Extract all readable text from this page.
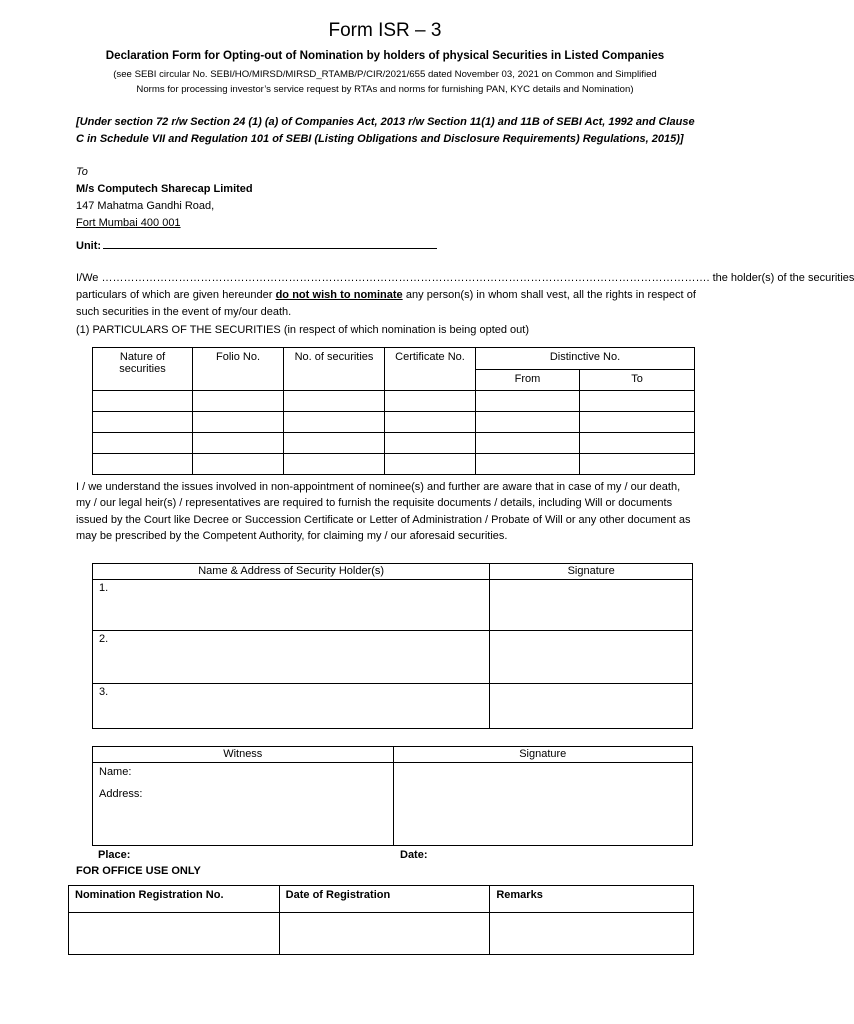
Form ISR – 3
Declaration Form for Opting-out of Nomination by holders of physical Securities in Listed Companies
(see SEBI circular No. SEBI/HO/MIRSD/MIRSD_RTAMB/P/CIR/2021/655 dated November 03, 2021 on Common and Simplified
Norms for processing investor’s service request by RTAs and norms for furnishing PAN, KYC details and Nomination)
[Under section 72 r/w Section 24 (1) (a) of Companies Act, 2013 r/w Section 11(1) and 11B of SEBI Act, 1992 and Clause C in Schedule VII and Regulation 101 of SEBI (Listing Obligations and Disclosure Requirements) Regulations, 2015)]
To
M/s Computech Sharecap Limited
147 Mahatma Gandhi Road,
Fort Mumbai 400 001
Unit:
I/We …………………………………………………………………………………………………………………………………………………. the holder(s) of the securities
particulars of which are given hereunder do not wish to nominate any person(s) in whom shall vest, all the rights in respect of such securities in the event of my/our death.
(1) PARTICULARS OF THE SECURITIES (in respect of which nomination is being opted out)
Nature of securities	Folio No.	No. of securities	Certificate No.	Distinctive No.	

				From	To

I / we understand the issues involved in non-appointment of nominee(s) and further are aware that in case of my / our death, my / our legal heir(s) / representatives are required to furnish the requisite documents / details, including Will or documents issued by the Court like Decree or Succession Certificate or Letter of Administration / Probate of Will or any other document as may be prescribed by the Competent Authority, for claiming my / our aforesaid securities.
Name & Address of Security Holder(s)	Signature

1.	

2.	

3.	

Witness	Signature

Name:
Address:	

Place:	Date:
FOR OFFICE USE ONLY
Nomination Registration No.	Date of Registration	Remarks
